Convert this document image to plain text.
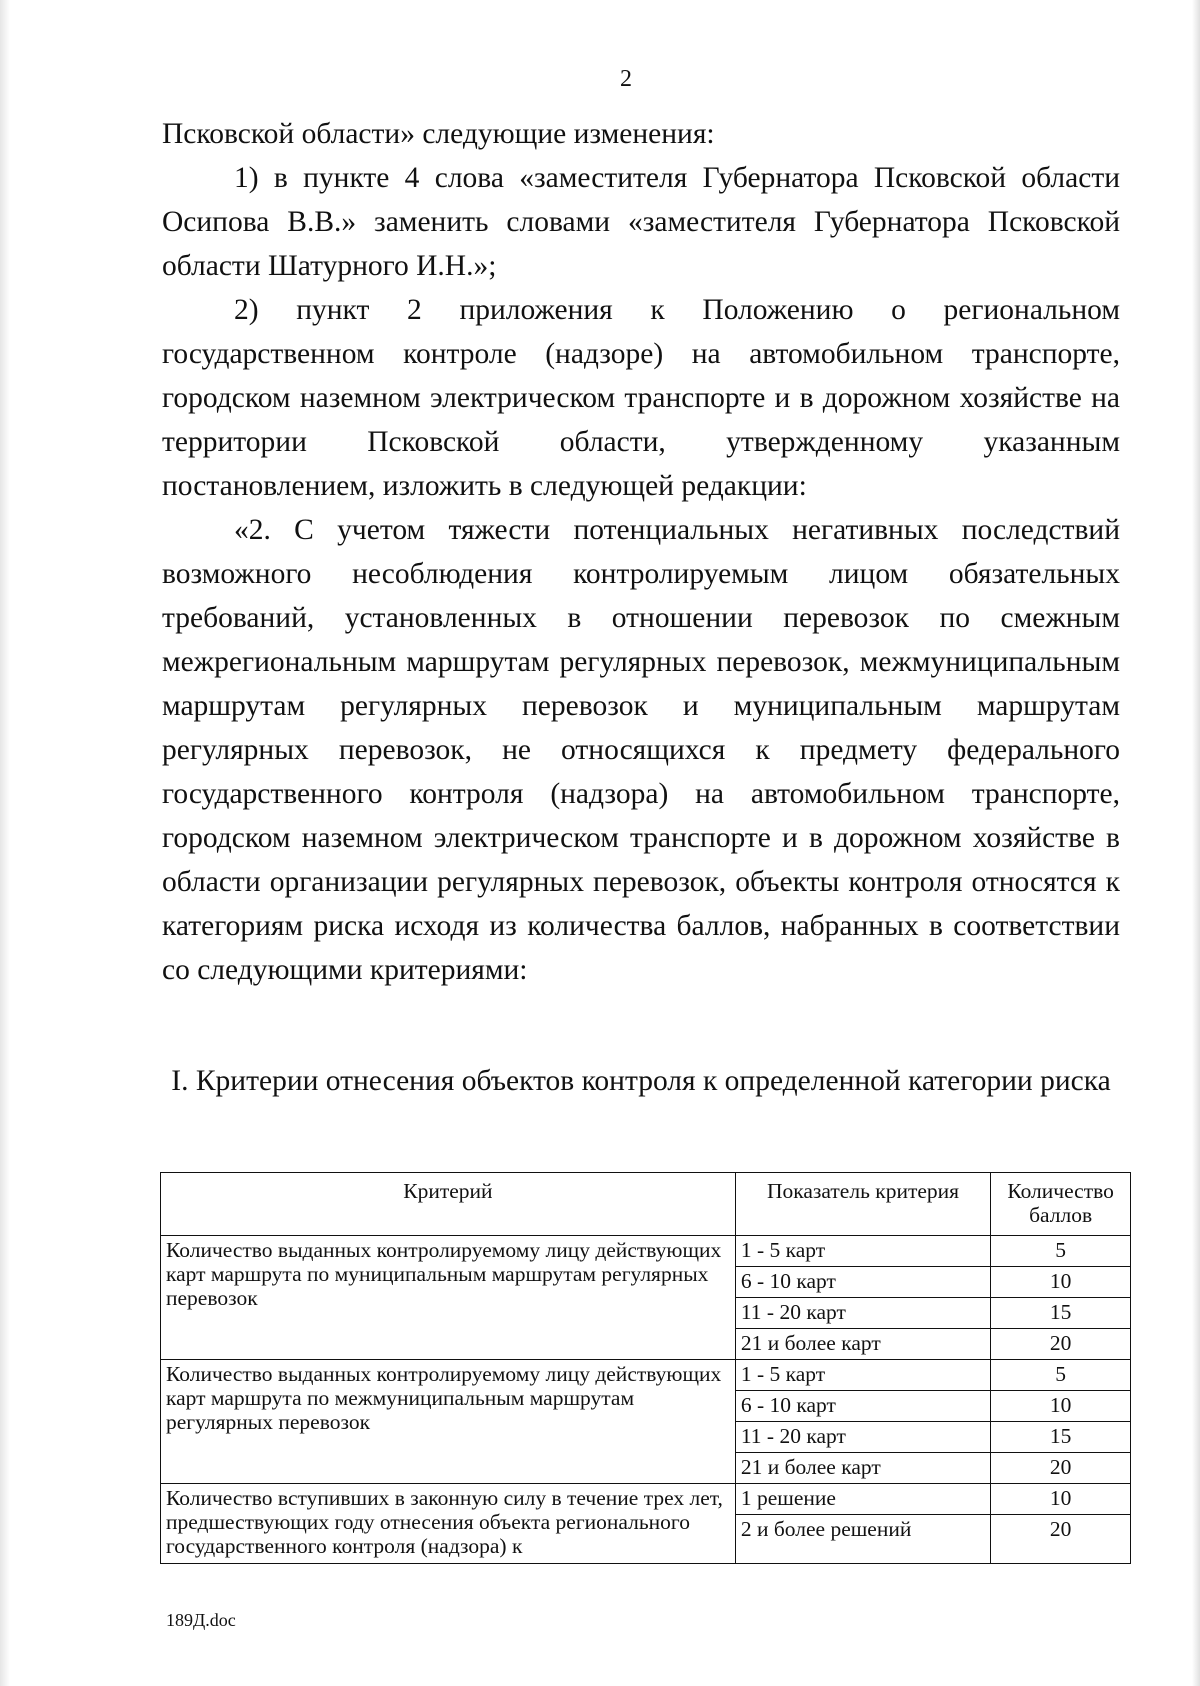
2

Псковской области» следующие изменения:

1) в пункте 4 слова «заместителя Губернатора Псковской области Осипова В.В.» заменить словами «заместителя Губернатора Псковской области Шатурного И.Н.»;

2) пункт 2 приложения к Положению о региональном государственном контроле (надзоре) на автомобильном транспорте, городском наземном электрическом транспорте и в дорожном хозяйстве на территории Псковской области, утвержденному указанным постановлением, изложить в следующей редакции:

«2. С учетом тяжести потенциальных негативных последствий возможного несоблюдения контролируемым лицом обязательных требований, установленных в отношении перевозок по смежным межрегиональным маршрутам регулярных перевозок, межмуниципальным маршрутам регулярных перевозок и муниципальным маршрутам регулярных перевозок, не относящихся к предмету федерального государственного контроля (надзора) на автомобильном транспорте, городском наземном электрическом транспорте и в дорожном хозяйстве в области организации регулярных перевозок, объекты контроля относятся к категориям риска исходя из количества баллов, набранных в соответствии со следующими критериями:

I. Критерии отнесения объектов контроля к определенной категории риска
Критерий	Показатель критерия	Количество баллов
Количество выданных контролируемому лицу действующих карт маршрута по муниципальным маршрутам регулярных перевозок	1 - 5 карт	5
	6 - 10 карт	10
	11 - 20 карт	15
	21 и более карт	20
Количество выданных контролируемому лицу действующих карт маршрута по межмуниципальным маршрутам регулярных перевозок	1 - 5 карт	5
	6 - 10 карт	10
	11 - 20 карт	15
	21 и более карт	20
Количество вступивших в законную силу в течение трех лет, предшествующих году отнесения объекта регионального государственного контроля (надзора) к	1 решение	10
	2 и более решений	20
189Д.doc
